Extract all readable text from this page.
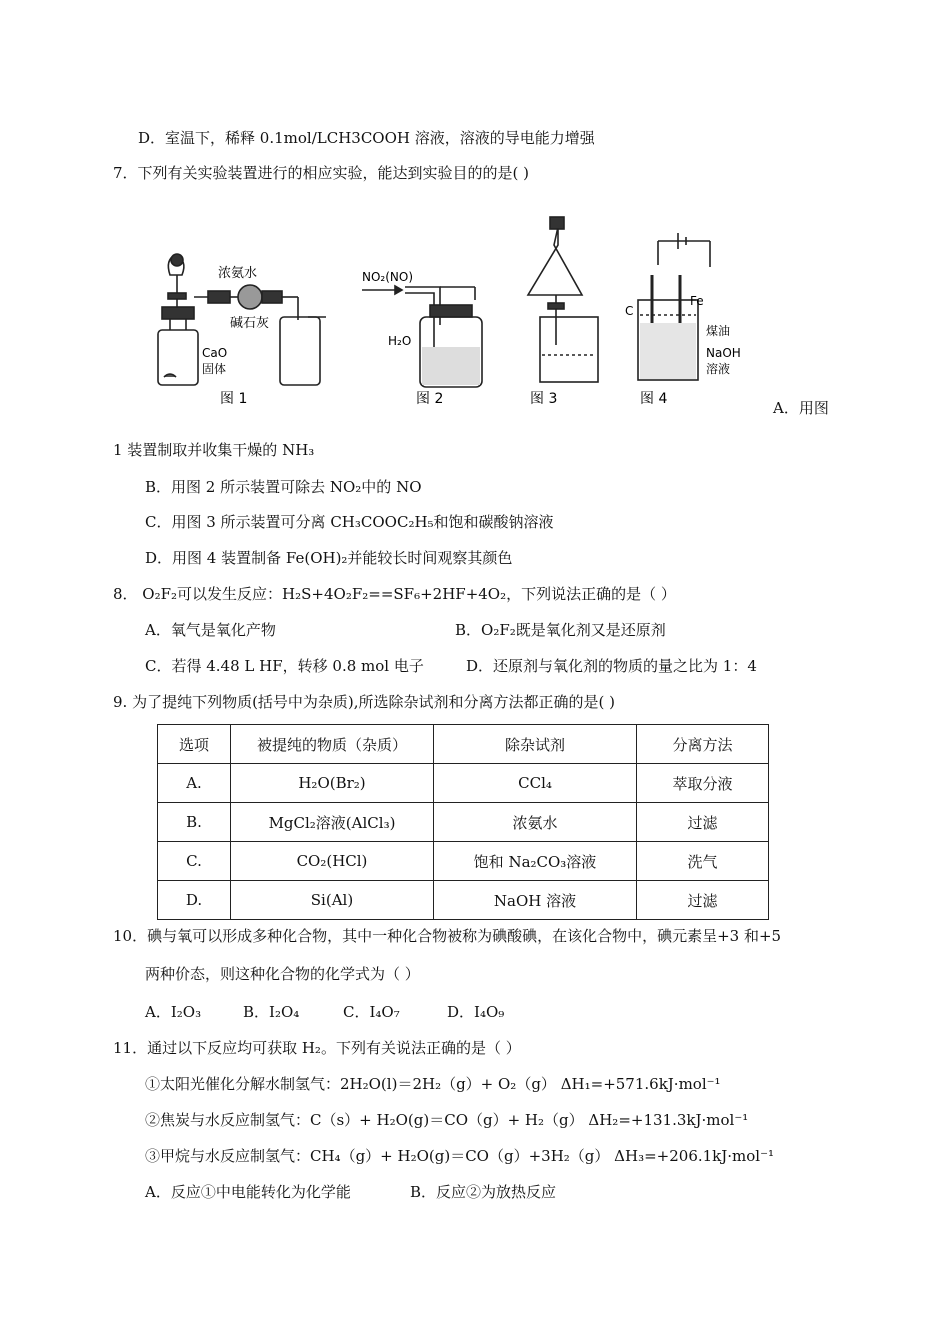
D．室温下，稀释 0.1mol/LCH3COOH 溶液，溶液的导电能力增强
7．下列有关实验装置进行的相应实验，能达到实验目的的是( )
浓氨水
碱石灰
CaO
固体
图 1
NO₂(NO)
H₂O
图 2	图 3
C
Fe
煤油
NaOH
溶液
图 4	A．用图
1 装置制取并收集干燥的 NH₃
B．用图 2 所示装置可除去 NO₂中的 NO
C．用图 3 所示装置可分离 CH₃COOC₂H₅和饱和碳酸钠溶液
D．用图 4 装置制备 Fe(OH)₂并能较长时间观察其颜色
8． O₂F₂可以发生反应：H₂S+4O₂F₂==SF₆+2HF+4O₂，下列说法正确的是（ ）
A．氧气是氧化产物	B．O₂F₂既是氧化剂又是还原剂
C．若得 4.48 L HF，转移 0.8 mol 电子	D．还原剂与氧化剂的物质的量之比为 1：4
9. 为了提纯下列物质(括号中为杂质),所选除杂试剂和分离方法都正确的是( )
选项	被提纯的物质（杂质）	除杂试剂	分离方法
A.	H₂O(Br₂)	CCl₄	萃取分液
B.	MgCl₂溶液(AlCl₃)	浓氨水	过滤
C.	CO₂(HCl)	饱和 Na₂CO₃溶液	洗气
D.	Si(Al)	NaOH 溶液	过滤
10．碘与氧可以形成多种化合物，其中一种化合物被称为碘酸碘，在该化合物中，碘元素呈+3 和+5
两种价态，则这种化合物的化学式为（ ）
A．I₂O₃	B．I₂O₄	C．I₄O₇	D．I₄O₉
11．通过以下反应均可获取 H₂。下列有关说法正确的是（ ）
①太阳光催化分解水制氢气：2H₂O(l)＝2H₂（g）+ O₂（g） ΔH₁=+571.6kJ·mol⁻¹
②焦炭与水反应制氢气：C（s）+ H₂O(g)＝CO（g）+ H₂（g） ΔH₂=+131.3kJ·mol⁻¹
③甲烷与水反应制氢气：CH₄（g）+ H₂O(g)＝CO（g）+3H₂（g） ΔH₃=+206.1kJ·mol⁻¹
A．反应①中电能转化为化学能	B．反应②为放热反应
